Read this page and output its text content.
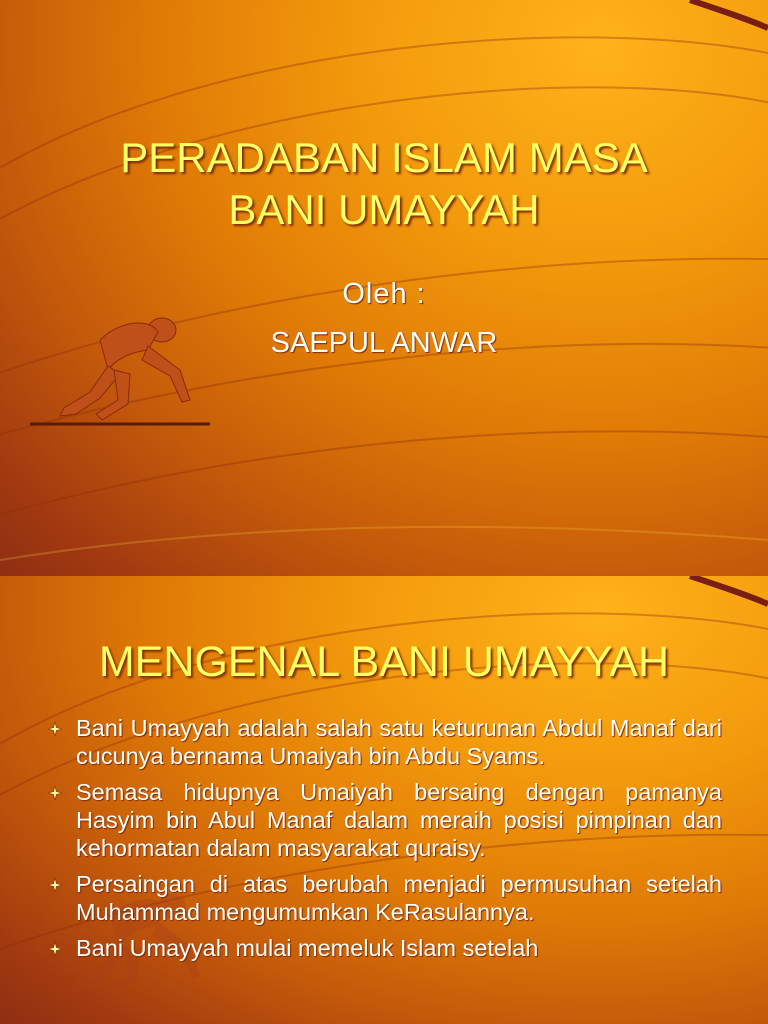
PERADABAN ISLAM MASA
BANI UMAYYAH

Oleh :

SAEPUL ANWAR

MENGENAL BANI UMAYYAH
Bani Umayyah adalah salah satu keturunan Abdul Manaf dari cucunya bernama Umaiyah bin Abdu Syams.
Semasa hidupnya Umaiyah bersaing dengan pamanya Hasyim bin Abul Manaf dalam meraih posisi pimpinan dan kehormatan dalam masyarakat quraisy.
Persaingan di atas berubah menjadi permusuhan setelah Muhammad mengumumkan KeRasulannya.
Bani Umayyah mulai memeluk Islam setelah
